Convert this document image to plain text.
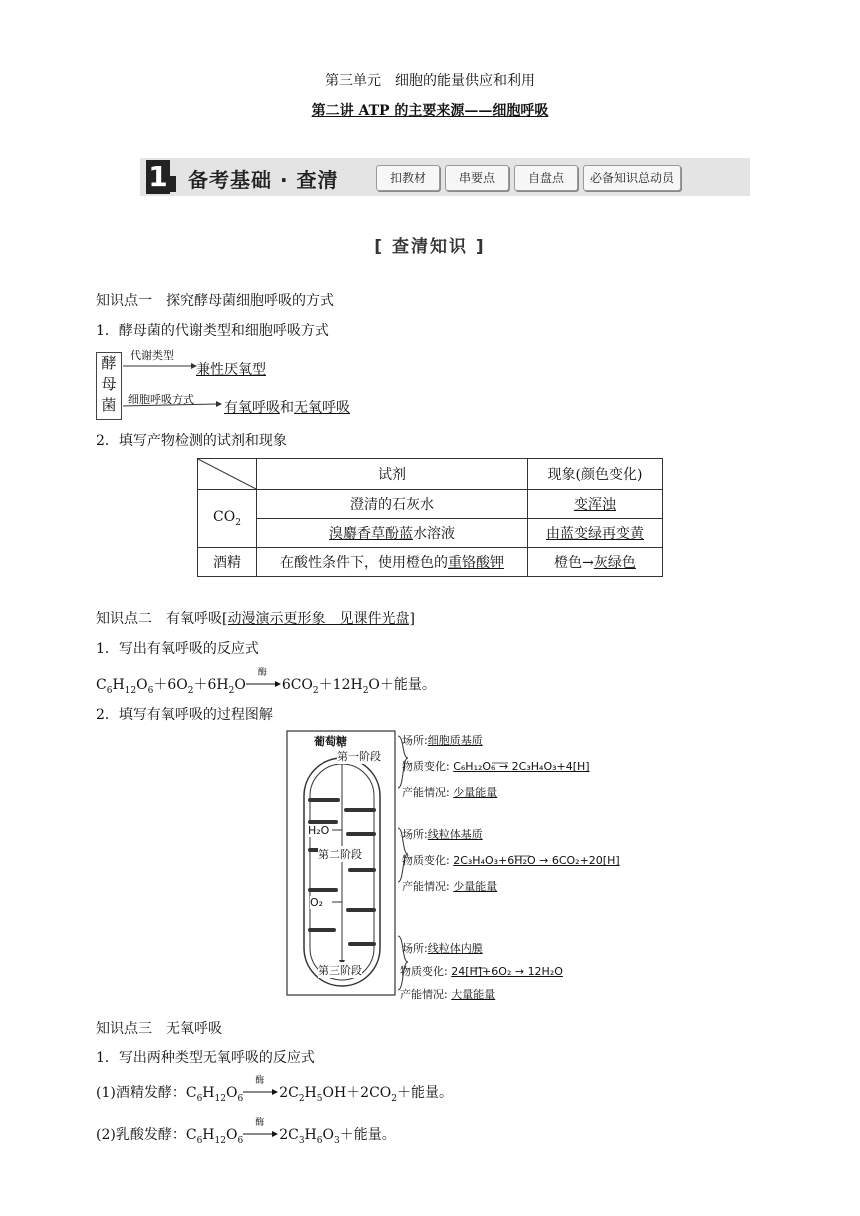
第三单元　细胞的能量供应和利用
第二讲 ATP 的主要来源——细胞呼吸
1 备考基础 · 查清	扣教材	串要点	自盘点	必备知识总动员
[ 查清知识 ]
知识点一　探究酵母菌细胞呼吸的方式
1．酵母菌的代谢类型和细胞呼吸方式
酵
母
菌
代谢类型
兼性厌氧型
细胞呼吸方式
有氧呼吸和无氧呼吸
2．填写产物检测的试剂和现象
	试剂	现象(颜色变化)
$CO_2$	澄清的石灰水	变浑浊
	溴麝香草酚蓝水溶液	由蓝变绿再变黄
酒精	在酸性条件下，使用橙色的重铬酸钾	橙色→灰绿色
知识点二　有氧呼吸[动漫演示更形象　见课件光盘]
1．写出有氧呼吸的反应式
$C_6H_{12}O_6+6O_2+6H_2O$
酶
$6CO_2+12H_2O+$能量。
2．填写有氧呼吸的过程图解
葡萄糖
第一阶段
H₂O
第二阶段
O₂
第三阶段
场所:细胞质基质
物质变化: C₆H₁₂O₆ → 2C₃H₄O₃+4[H]
产能情况: 少量能量
场所:线粒体基质
物质变化: 2C₃H₄O₃+6H₂O → 6CO₂+20[H]
产能情况: 少量能量
场所:线粒体内膜
物质变化: 24[H]+6O₂ → 12H₂O
产能情况: 大量能量
知识点三　无氧呼吸
1．写出两种类型无氧呼吸的反应式
(1)酒精发酵：$C_6H_{12}O_6$
酶
$2C_2H_5OH+2CO_2+$能量。
(2)乳酸发酵：$C_6H_{12}O_6$
酶
$2C_3H_6O_3+$能量。
